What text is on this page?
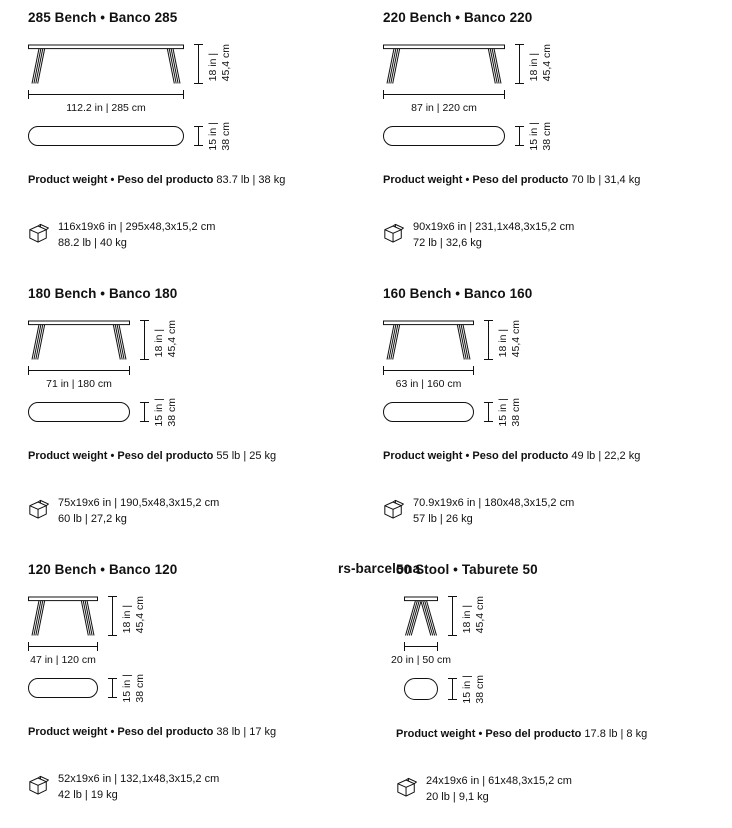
285 Bench • Banco 285
18 in | 45,4 cm
112.2 in | 285 cm
15 in | 38 cm

Product weight • Peso del producto 83.7 lb | 38 kg

116x19x6 in | 295x48,3x15,2 cm
88.2 lb | 40 kg
220 Bench • Banco 220
18 in | 45,4 cm
87 in | 220 cm
15 in | 38 cm

Product weight • Peso del producto 70 lb | 31,4 kg

90x19x6 in | 231,1x48,3x15,2 cm
72 lb | 32,6 kg
180 Bench • Banco 180
18 in | 45,4 cm
71 in | 180 cm
15 in | 38 cm

Product weight • Peso del producto 55 lb | 25 kg

75x19x6 in | 190,5x48,3x15,2 cm
60 lb | 27,2 kg
160 Bench • Banco 160
18 in | 45,4 cm
63 in | 160 cm
15 in | 38 cm

Product weight • Peso del producto 49 lb | 22,2 kg

70.9x19x6 in | 180x48,3x15,2 cm
57 lb | 26 kg
120 Bench • Banco 120
18 in | 45,4 cm
47 in | 120 cm
15 in | 38 cm

Product weight • Peso del producto 38 lb | 17 kg

52x19x6 in | 132,1x48,3x15,2 cm
42 lb | 19 kg
50 Stool • Taburete 50
18 in | 45,4 cm
20 in | 50 cm
15 in | 38 cm

Product weight • Peso del producto 17.8 lb | 8 kg

24x19x6 in | 61x48,3x15,2 cm
20 lb | 9,1 kg
rs-barcelona
